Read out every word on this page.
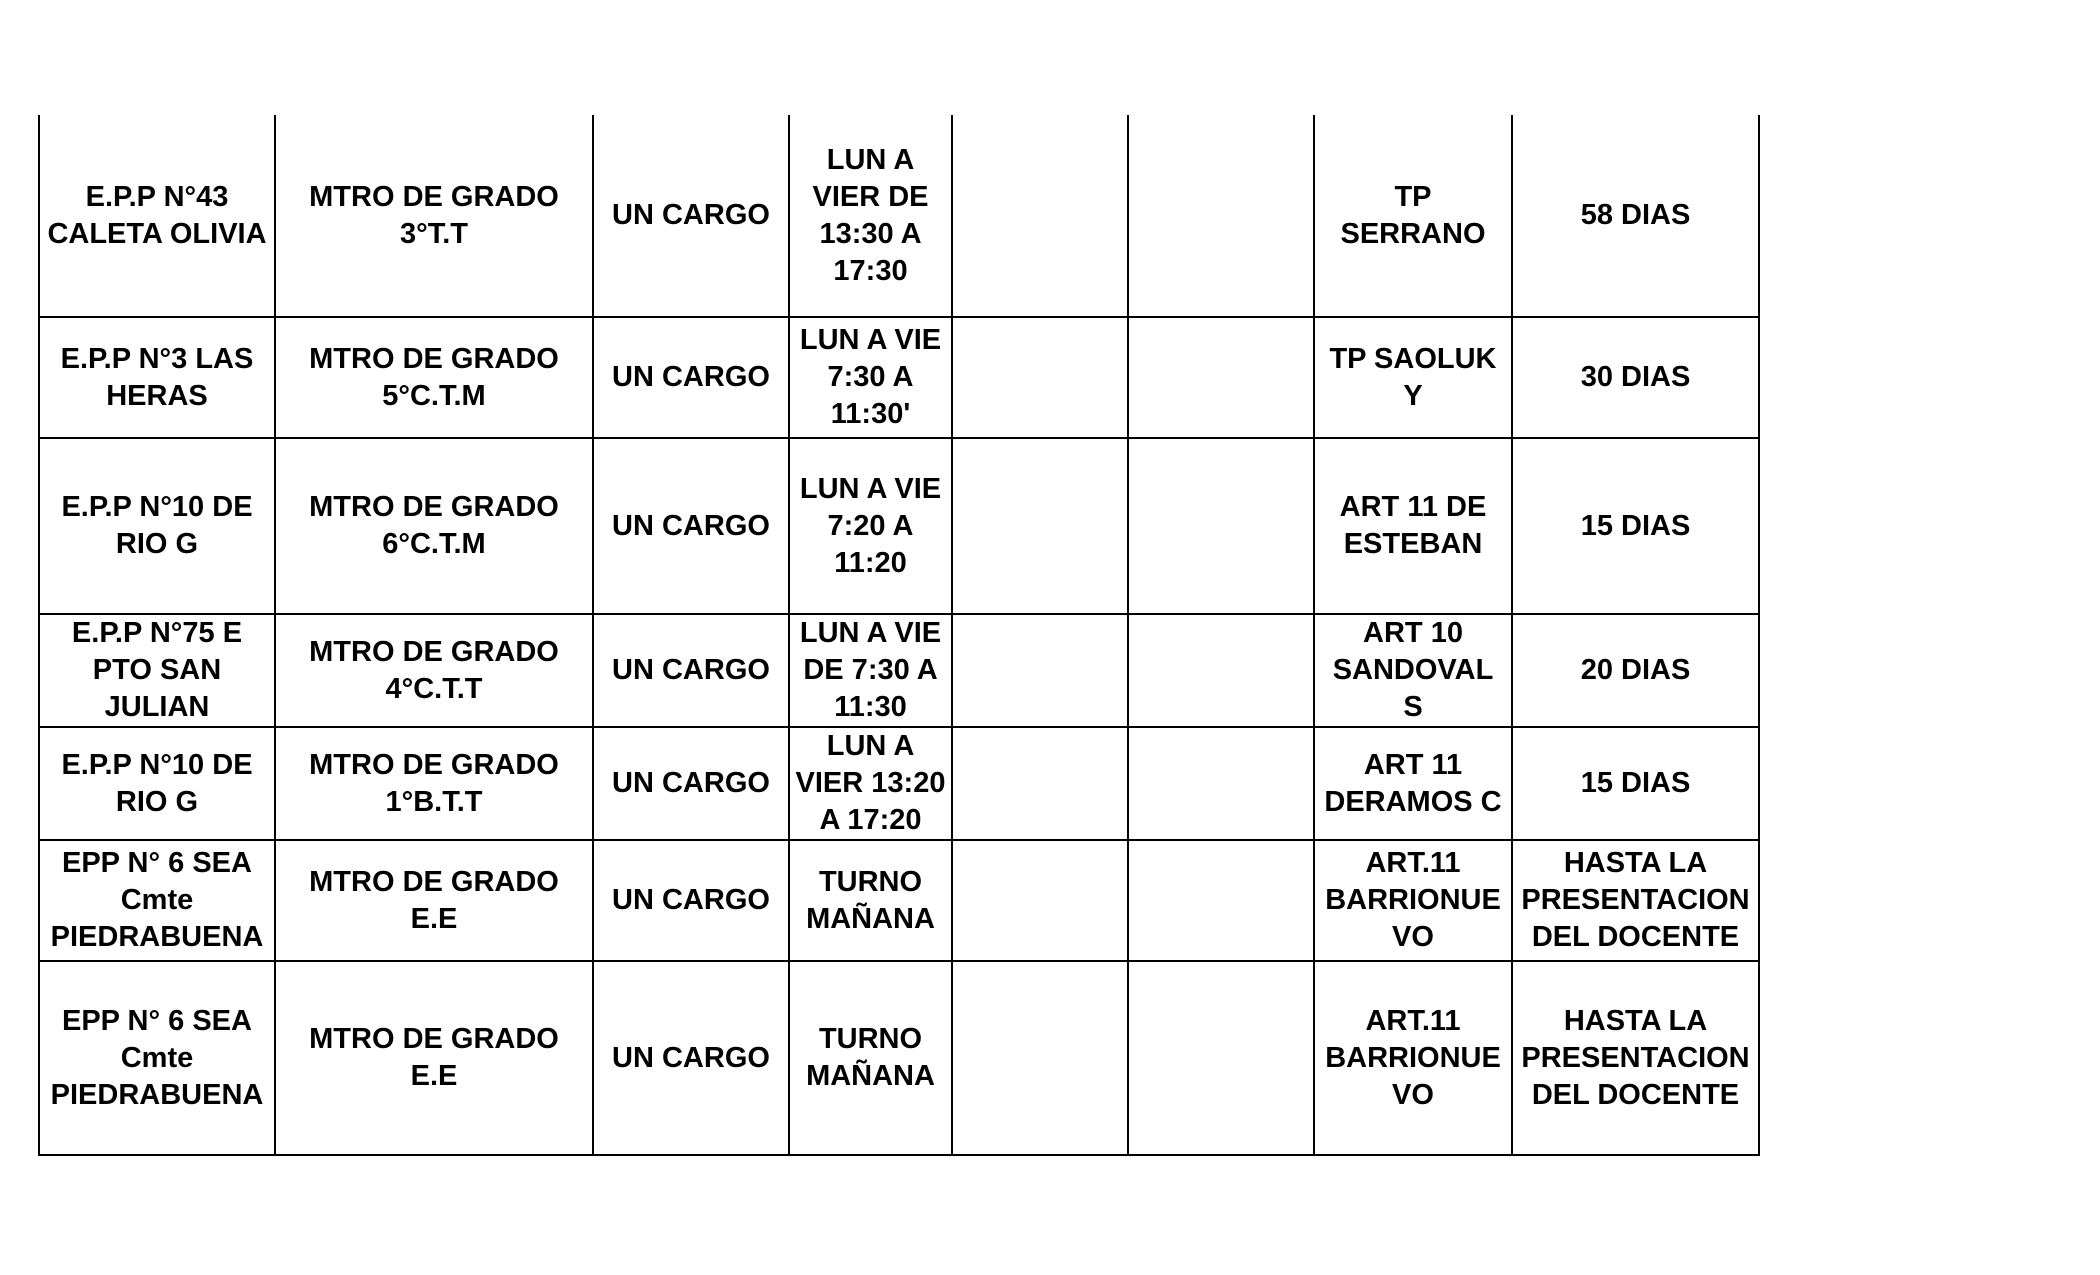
E.P.P N°43
CALETA OLIVIA	MTRO DE GRADO
3°T.T	UN CARGO	LUN A
VIER DE
13:30 A
17:30			TP
SERRANO	58 DIAS
E.P.P N°3 LAS
HERAS	MTRO DE GRADO
5°C.T.M	UN CARGO	LUN A VIE
7:30 A
11:30'			TP SAOLUK
Y	30 DIAS
E.P.P N°10 DE
RIO G	MTRO DE GRADO
6°C.T.M	UN CARGO	LUN A VIE
7:20 A
11:20			ART 11 DE
ESTEBAN	15 DIAS
E.P.P N°75 E
PTO SAN
JULIAN	MTRO DE GRADO
4°C.T.T	UN CARGO	LUN A VIE
DE 7:30 A
11:30			ART 10
SANDOVAL
S	20 DIAS
E.P.P N°10 DE
RIO G	MTRO DE GRADO
1°B.T.T	UN CARGO	LUN A
VIER 13:20
A 17:20			ART 11
DERAMOS C	15 DIAS
EPP N° 6 SEA
Cmte
PIEDRABUENA	MTRO DE GRADO
E.E	UN CARGO	TURNO
MAÑANA			ART.11
BARRIONUE
VO	HASTA LA
PRESENTACION
DEL DOCENTE
EPP N° 6 SEA
Cmte
PIEDRABUENA	MTRO DE GRADO
E.E	UN CARGO	TURNO
MAÑANA			ART.11
BARRIONUE
VO	HASTA LA
PRESENTACION
DEL DOCENTE
